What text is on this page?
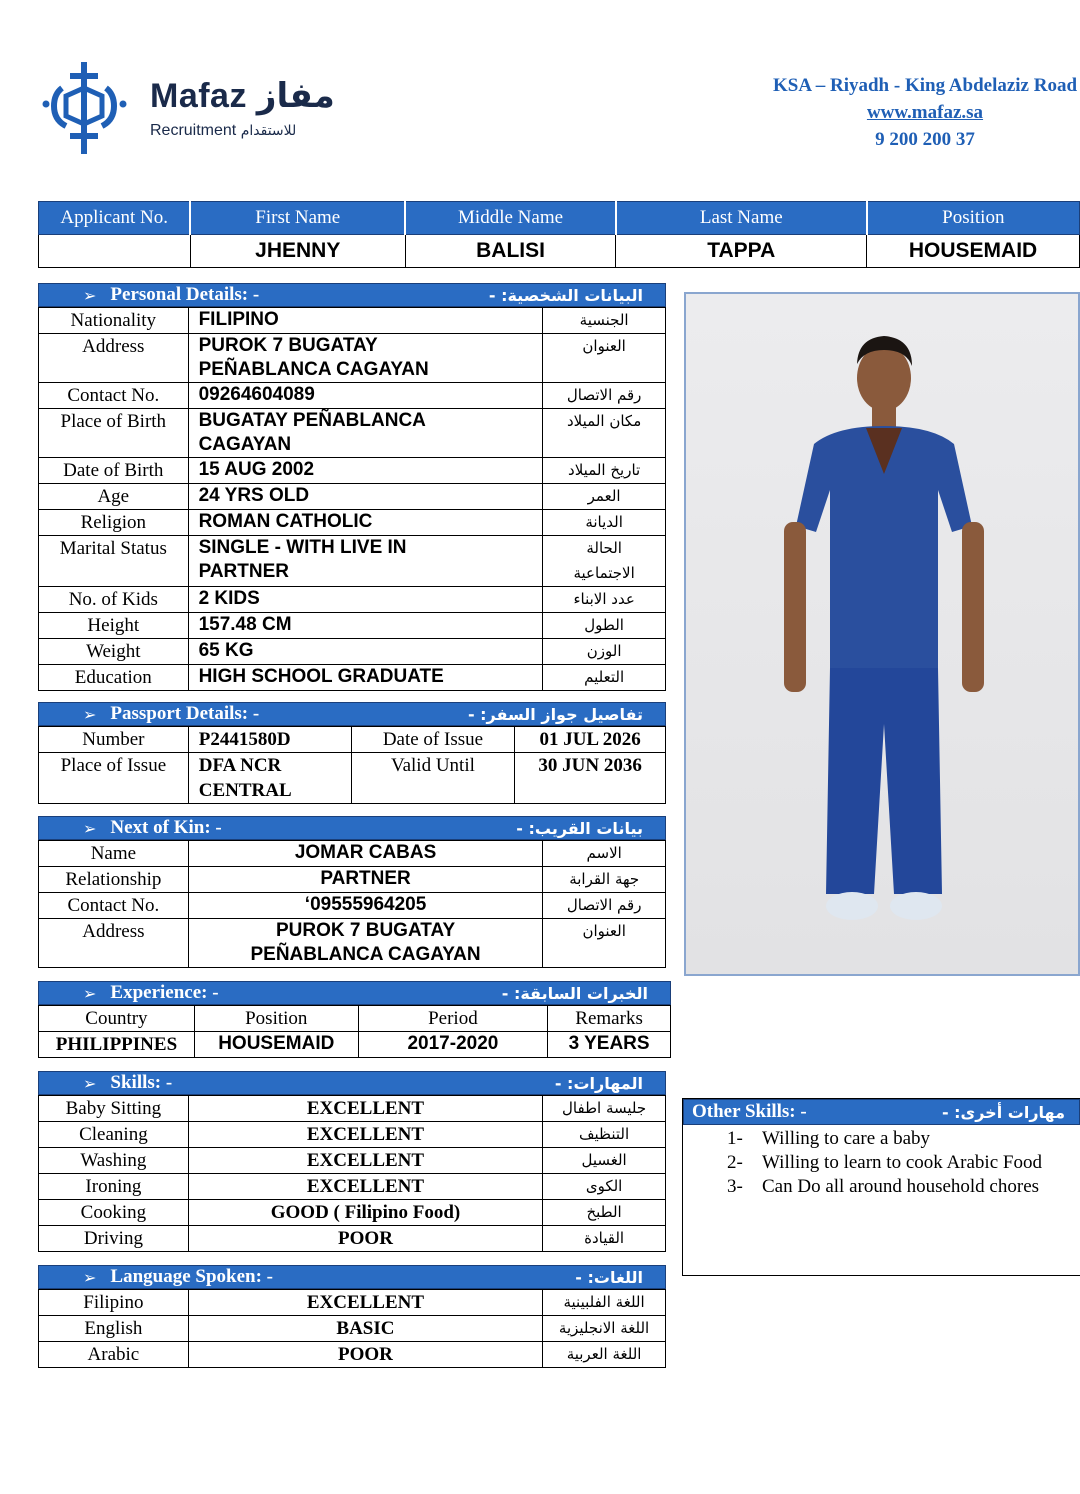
Mafaz مفاز
Recruitment للاستقدام
KSA – Riyadh - King Abdelaziz Road
www.mafaz.sa
9 200 200 37
Applicant No.	First Name	Middle Name	Last Name	Position
	JHENNY	BALISI	TAPPA	HOUSEMAID
➢ Personal Details: -	البيانات الشخصية: -
Nationality	FILIPINO	الجنسية
Address	PUROK 7 BUGATAY PEÑABLANCA CAGAYAN	العنوان
Contact No.	09264604089	رقم الاتصال
Place of Birth	BUGATAY PEÑABLANCA CAGAYAN	مكان الميلاد
Date of Birth	15 AUG 2002	تاريخ الميلاد
Age	24 YRS OLD	العمر
Religion	ROMAN CATHOLIC	الديانة
Marital Status	SINGLE - WITH LIVE IN PARTNER	الحالة الاجتماعية

No. of Kids	2 KIDS	عدد الابناء
Height	157.48 CM	الطول
Weight	65 KG	الوزن
Education	HIGH SCHOOL GRADUATE	التعليم
➢ Passport Details: -	تفاصيل جواز السفر: -
Number	P2441580D	Date of Issue	01 JUL 2026
Place of Issue	DFA NCR CENTRAL	Valid Until	30 JUN 2036
➢ Next of Kin: -	بيانات القريب: -
Name	JOMAR CABAS	الاسم
Relationship	PARTNER	جهة القرابة
Contact No.	‘09555964205	رقم الاتصال
Address	PUROK 7 BUGATAY PEÑABLANCA CAGAYAN	العنوان
➢ Experience: -	الخبرات السابقة: -
Country	Position	Period	Remarks
PHILIPPINES	HOUSEMAID	2017-2020	3 YEARS
➢ Skills: -	المهارات: -
Baby Sitting	EXCELLENT	جليسة اطفال
Cleaning	EXCELLENT	التنظيف
Washing	EXCELLENT	الغسيل
Ironing	EXCELLENT	الكوى
Cooking	GOOD ( Filipino Food)	الطبخ
Driving	POOR	القيادة
➢ Language Spoken: -	اللغات: -
Filipino	EXCELLENT	اللغة الفلبينية
English	BASIC	اللغة الانجليزية
Arabic	POOR	اللغة العربية
Other Skills: -	مهارات أخرى: -
1-	Willing to care a baby
2-	Willing to learn to cook Arabic Food
3-	Can Do all around household chores
